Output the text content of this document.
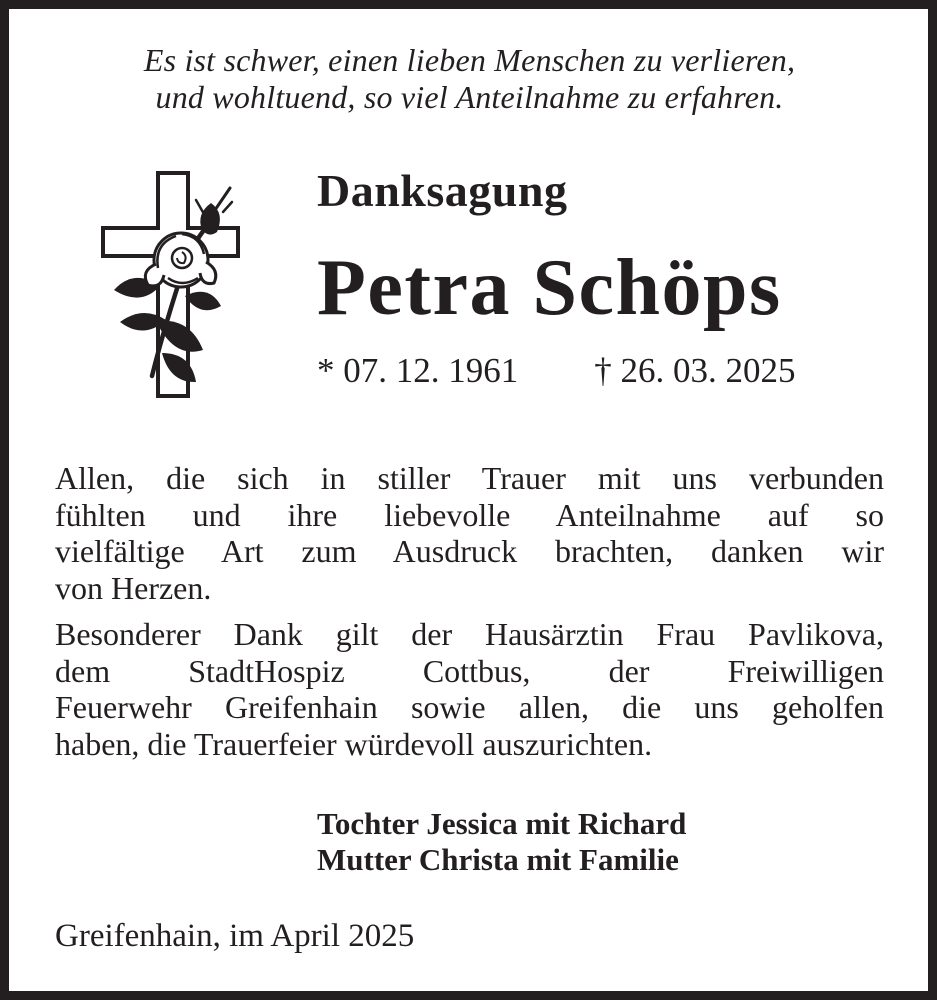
Es ist schwer, einen lieben Menschen zu verlieren,
und wohltuend, so viel Anteilnahme zu erfahren.
Danksagung
Petra Schöps
* 07. 12. 1961 † 26. 03. 2025
Allen, die sich in stiller Trauer mit uns verbunden
fühlten und ihre liebevolle Anteilnahme auf so
vielfältige Art zum Ausdruck brachten, danken wir
von Herzen.
Besonderer Dank gilt der Hausärztin Frau Pavlikova,
dem StadtHospiz Cottbus, der Freiwilligen
Feuerwehr Greifenhain sowie allen, die uns geholfen
haben, die Trauerfeier würdevoll auszurichten.
Tochter Jessica mit Richard
Mutter Christa mit Familie
Greifenhain, im April 2025
